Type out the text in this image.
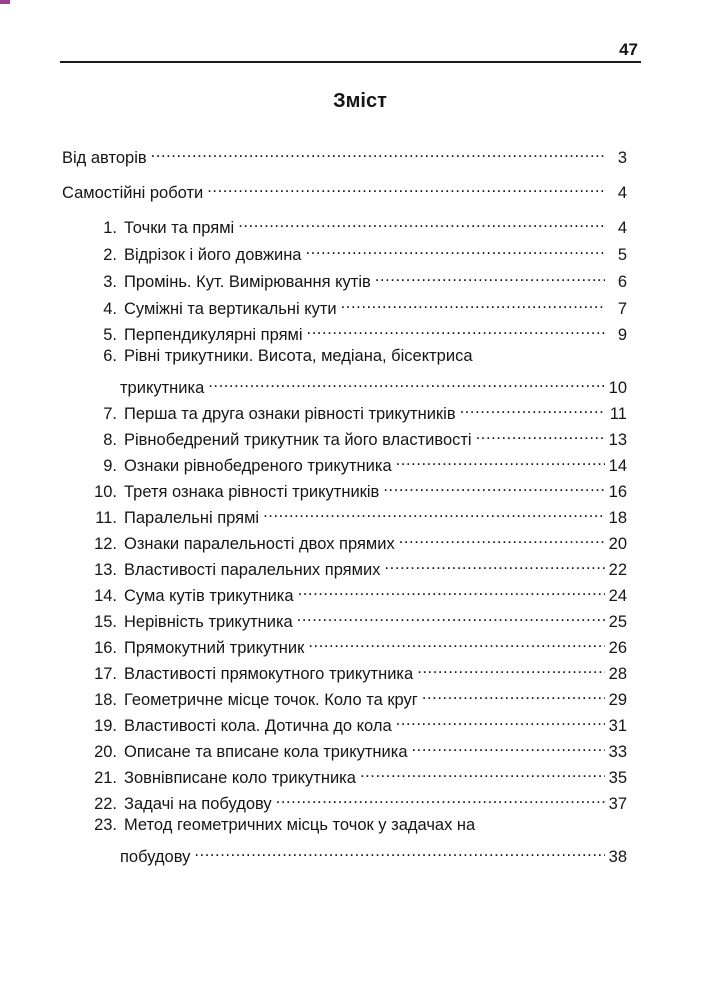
47
Зміст
Від авторів . . .	3
Самостійні роботи . . .	4
1. Точки та прямі . . .	4
2. Відрізок і його довжина . . .	5
3. Промінь. Кут. Вимірювання кутів . . .	6
4. Суміжні та вертикальні кути . . .	7
5. Перпендикулярні прямі . . .	9
6. Рівні трикутники. Висота, медіана, бісектриса
трикутника . . .	10
7. Перша та друга ознаки рівності трикутників . . .	11
8. Рівнобедрений трикутник та його властивості . . .	13
9. Ознаки рівнобедреного трикутника . . .	14
10. Третя ознака рівності трикутників . . .	16
11. Паралельні прямі . . .	18
12. Ознаки паралельності двох прямих . . .	20
13. Властивості паралельних прямих . . .	22
14. Сума кутів трикутника . . .	24
15. Нерівність трикутника . . .	25
16. Прямокутний трикутник . . .	26
17. Властивості прямокутного трикутника . . .	28
18. Геометричне місце точок. Коло та круг . . .	29
19. Властивості кола. Дотична до кола . . .	31
20. Описане та вписане кола трикутника . . .	33
21. Зовнівписане коло трикутника . . .	35
22. Задачі на побудову . . .	37
23. Метод геометричних місць точок у задачах на
побудову . . .	38
